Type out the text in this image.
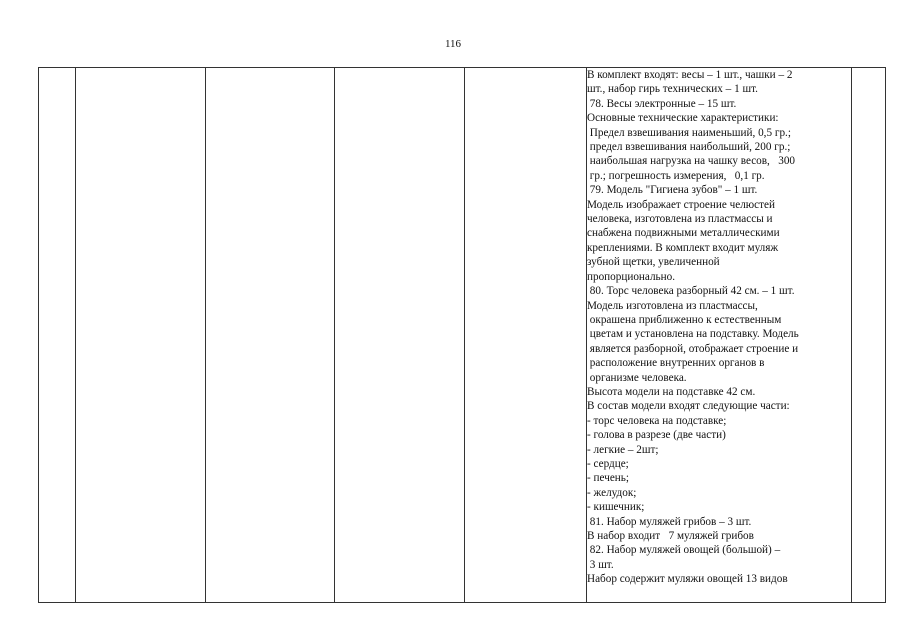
116

В комплект входят: весы – 1 шт., чашки – 2
шт., набор гирь технических – 1 шт.
78. Весы электронные – 15 шт.
Основные технические характеристики:
Предел взвешивания наименьший, 0,5 гр.;
предел взвешивания наибольший, 200 гр.;
наибольшая нагрузка на чашку весов,   300
гр.; погрешность измерения,   0,1 гр.
79. Модель "Гигиена зубов" – 1 шт.
Модель изображает строение челюстей
человека, изготовлена из пластмассы и
снабжена подвижными металлическими
креплениями. В комплект входит муляж
зубной щетки, увеличенной
пропорционально.
80. Торс человека разборный 42 см. – 1 шт.
Модель изготовлена из пластмассы,
окрашена приближенно к естественным
цветам и установлена на подставку. Модель
является разборной, отображает строение и
расположение внутренних органов в
организме человека.
Высота модели на подставке 42 см.
В состав модели входят следующие части:
- торс человека на подставке;
- голова в разрезе (две части)
- легкие – 2шт;
- сердце;
- печень;
- желудок;
- кишечник;
81. Набор муляжей грибов – 3 шт.
В набор входит   7 муляжей грибов
82. Набор муляжей овощей (большой) –
3 шт.
Набор содержит муляжи овощей 13 видов
